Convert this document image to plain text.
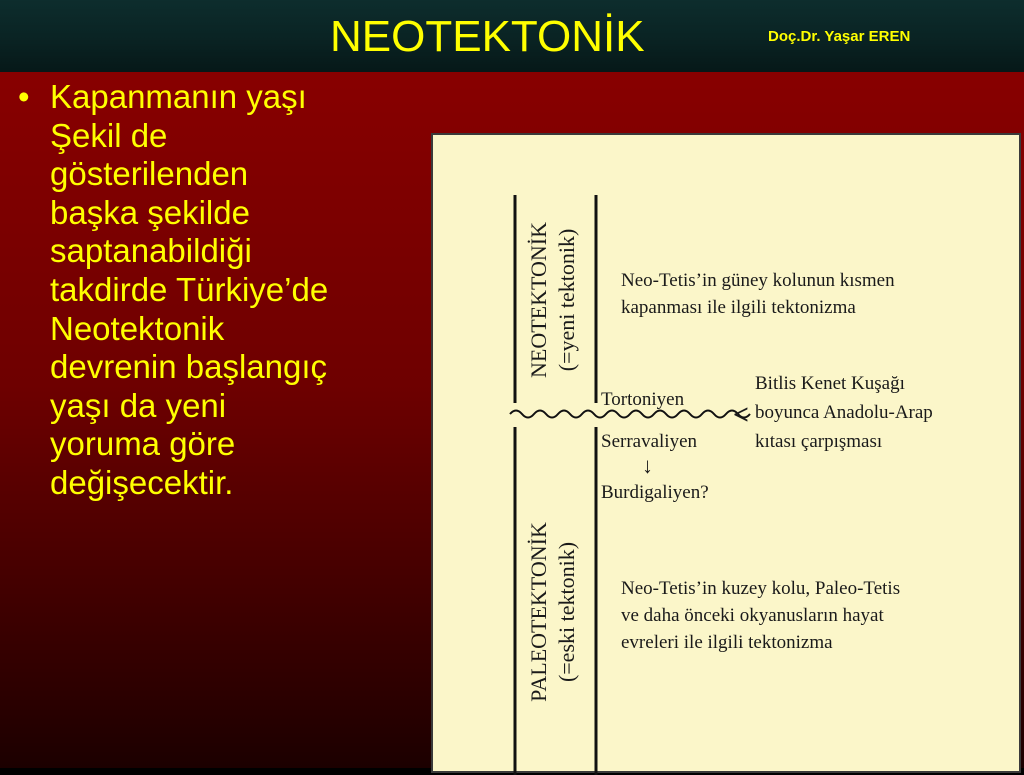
NEOTEKTONİK	Doç.Dr. Yaşar EREN
• Kapanmanın yaşı
Şekil de
gösterilenden
başka şekilde
saptanabildiği
takdirde Türkiye’de
Neotektonik
devrenin başlangıç
yaşı da yeni
yoruma göre
değişecektir.
NEOTEKTONİK (=yeni tektonik)
PALEOTEKTONİK (=eski tektonik)
Neo-Tetis’in güney kolunun kısmen
kapanması ile ilgili tektonizma
Tortoniyen
Serravaliyen
Burdigaliyen?
<
↓
Bitlis Kenet Kuşağı
boyunca Anadolu-Arap
kıtası çarpışması
Neo-Tetis’in kuzey kolu, Paleo-Tetis
ve daha önceki okyanusların hayat
evreleri ile ilgili tektonizma
